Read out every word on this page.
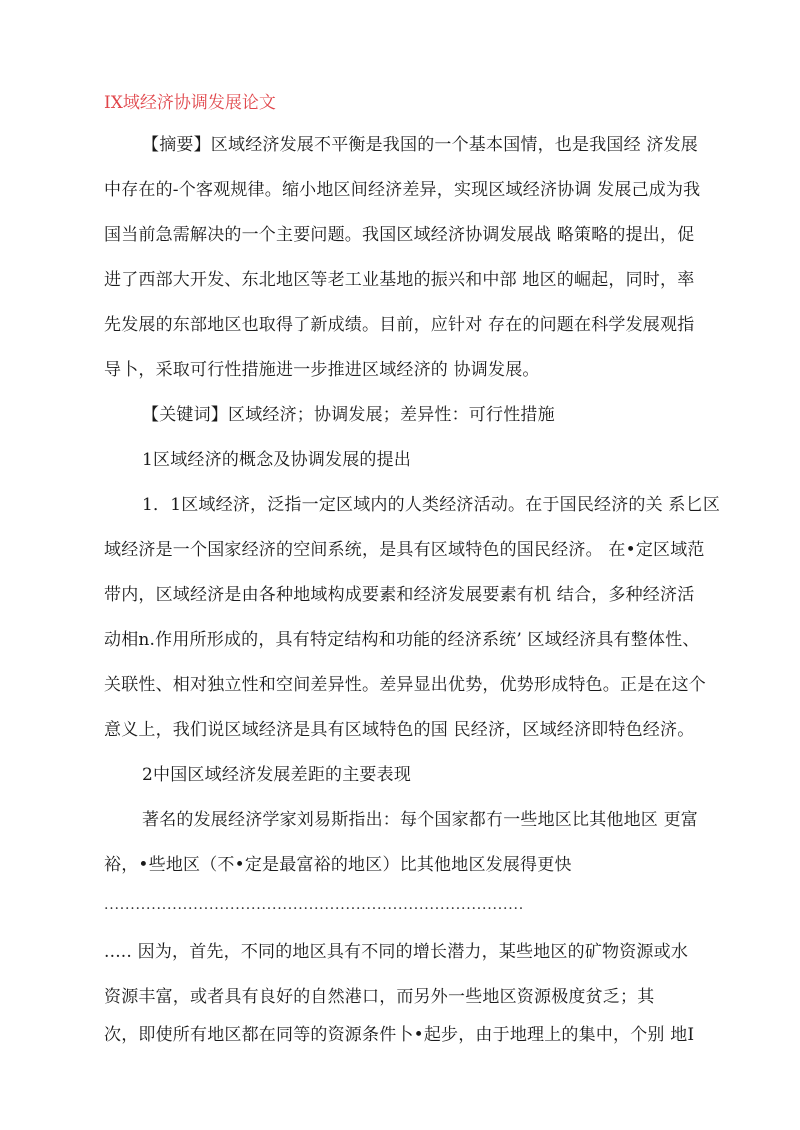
IX域经济协调发展论文
【摘要】区域经济发展不平衡是我国的一个基本国情，也是我国经 济发展
中存在的-个客观规律。缩小地区间经济差异，实现区域经济协调 发展己成为我
国当前急需解决的一个主要问题。我国区域经济协调发展战 略策略的提出，促
进了西部大开发、东北地区等老工业基地的振兴和中部 地区的崛起，同时，率
先发展的东部地区也取得了新成绩。目前，应针对 存在的问题在科学发展观指
导卜，采取可行性措施进一步推进区域经济的 协调发展。
【关键词】区域经济；协调发展；差异性：可行性措施
1区域经济的概念及协调发展的提出
1．1区域经济，泛指一定区域内的人类经济活动。在于国民经济的关 系匕区
域经济是一个国家经济的空间系统，是具有区域特色的国民经济。 在•定区域范
带内，区域经济是由各种地域构成要素和经济发展要素有机 结合，多种经济活
动相n.作用所形成的，具有特定结构和功能的经济系统’ 区域经济具有整体性、
关联性、相对独立性和空间差异性。差异显出优势，优势形成特色。正是在这个
意义上，我们说区域经济是具有区域特色的国 民经济，区域经济即特色经济。
2中国区域经济发展差距的主要表现
著名的发展经济学家刘易斯指出：每个国家都冇一些地区比其他地区 更富
裕，•些地区（不•定是最富裕的地区）比其他地区发展得更快
................................................................................
..... 因为，首先，不同的地区具有不同的增长潜力，某些地区的矿物资源或水
资源丰富，或者具有良好的自然港口，而另外一些地区资源极度贫乏；其
次，即使所有地区都在同等的资源条件卜•起步，由于地理上的集中，个别 地I
